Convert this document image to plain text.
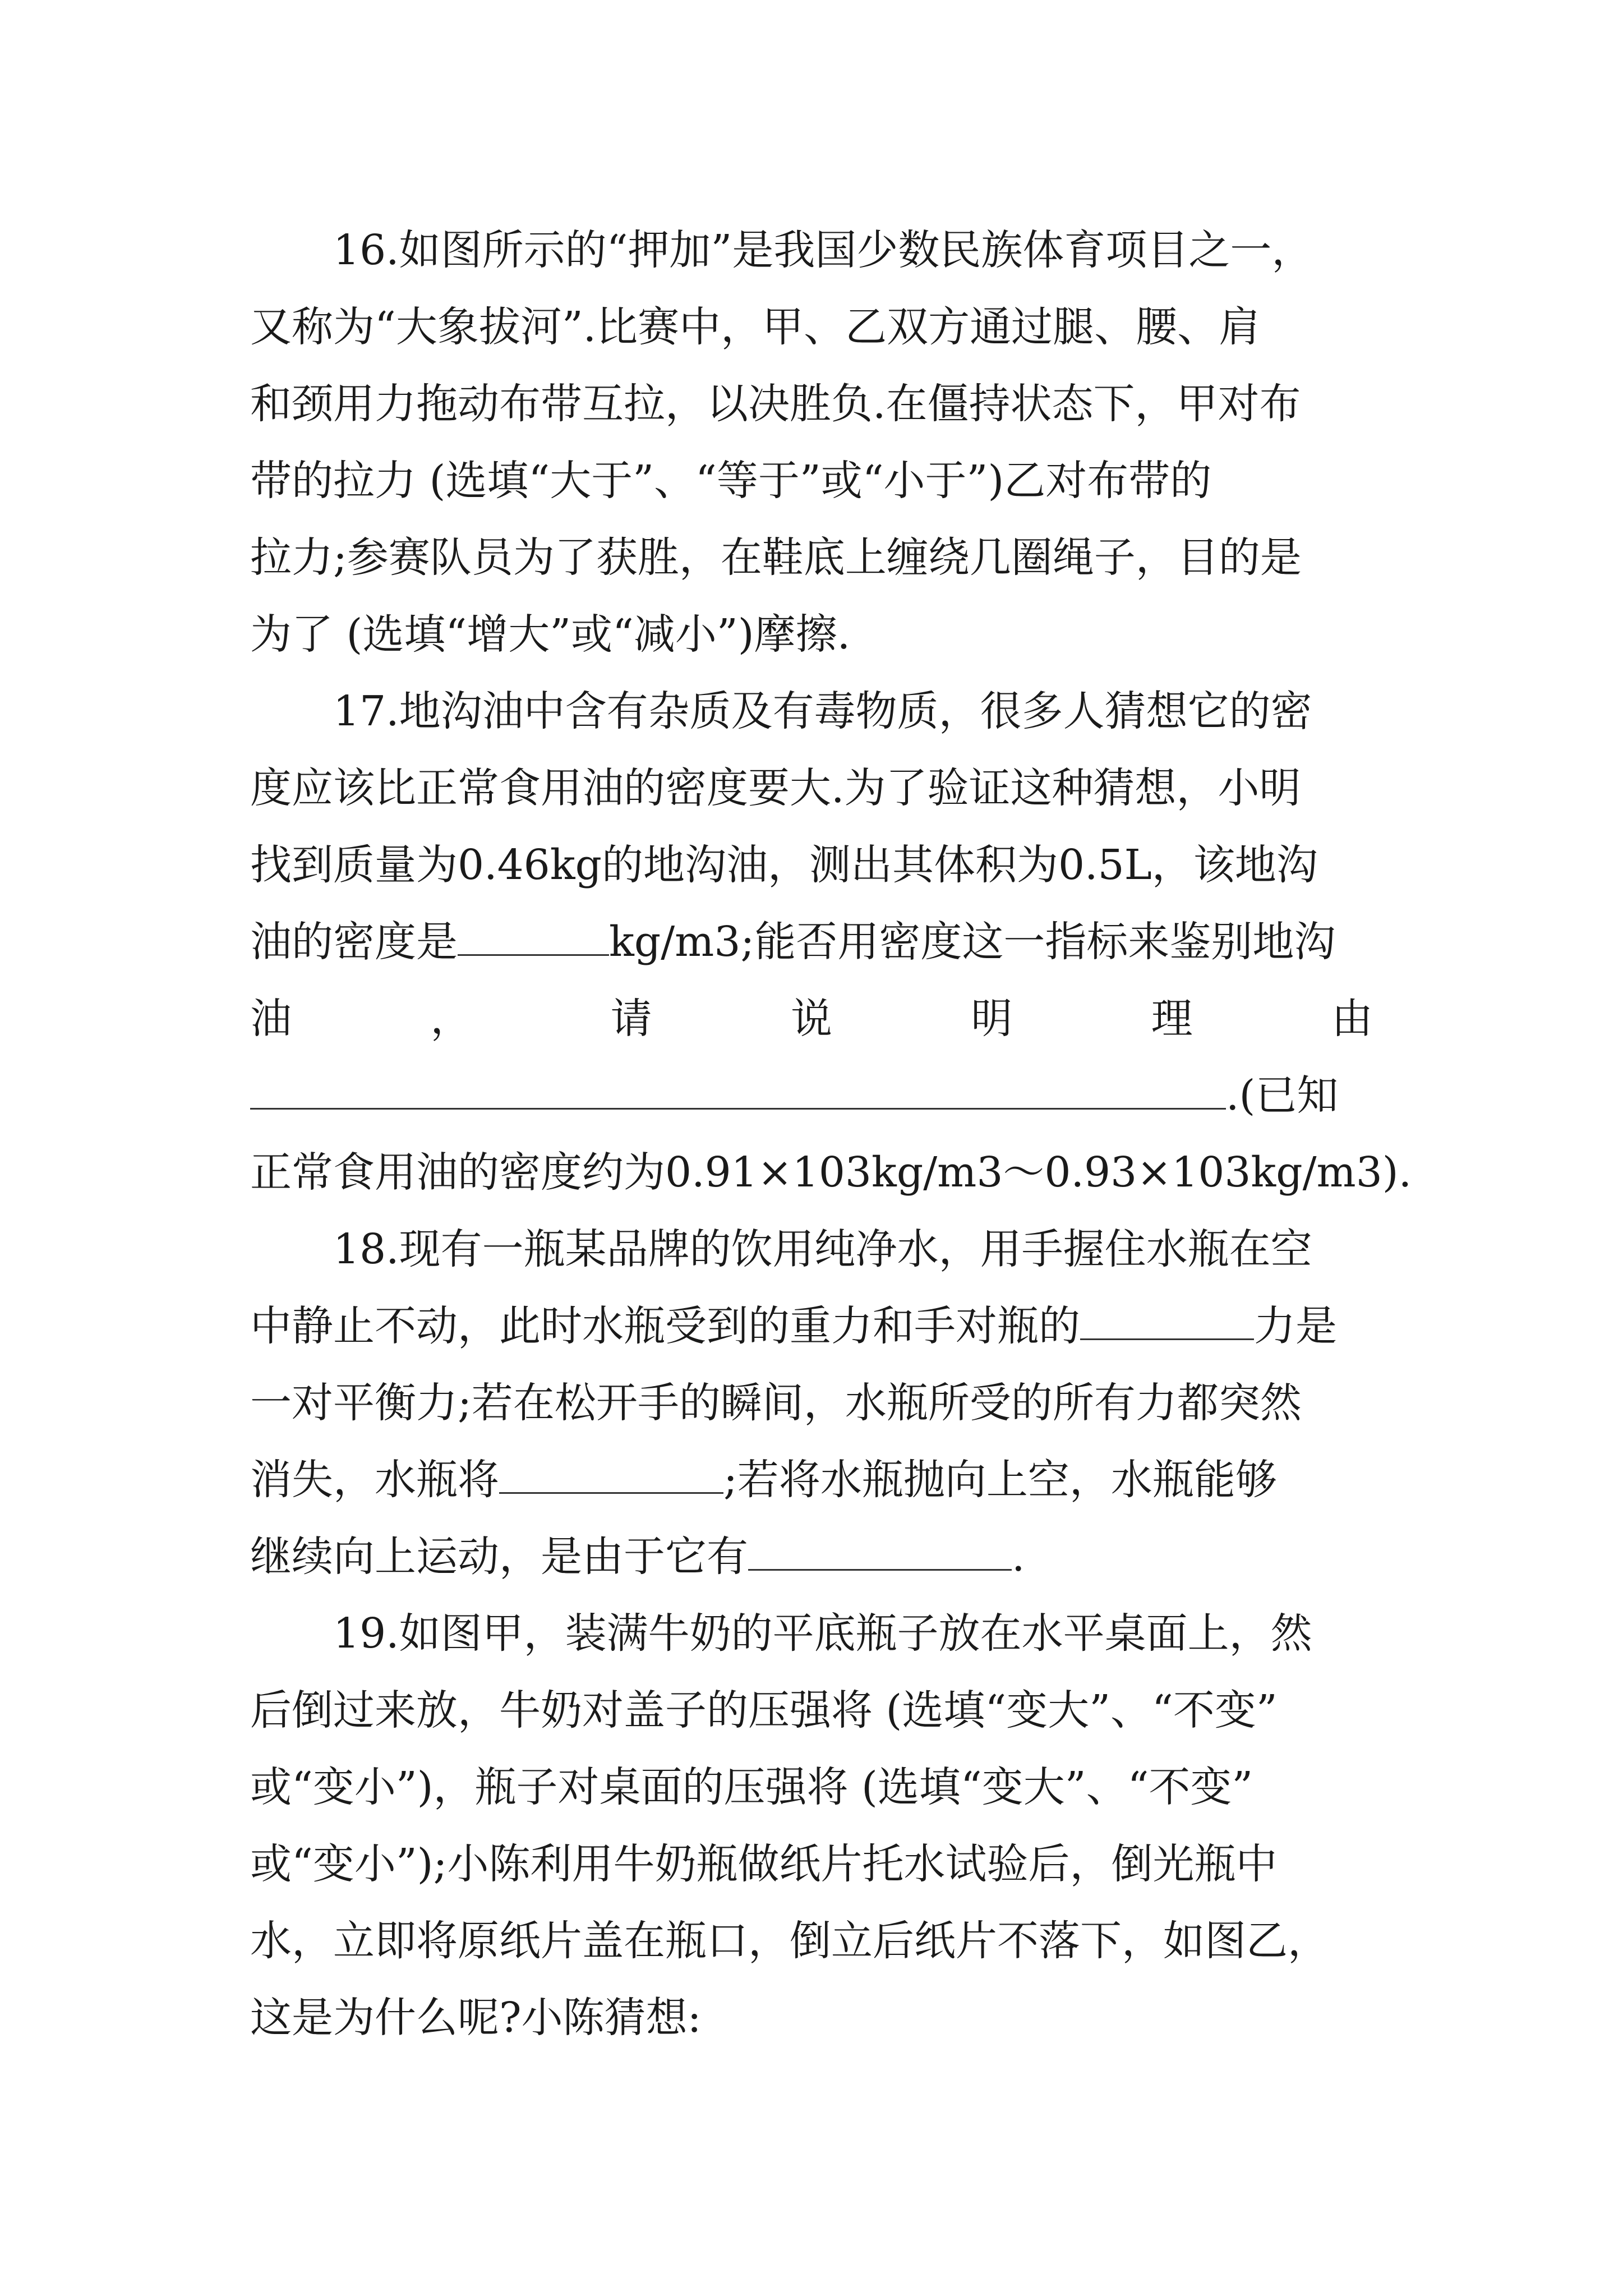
16.如图所示的“押加”是我国少数民族体育项目之一，
又称为“大象拔河”.比赛中，甲、乙双方通过腿、腰、肩
和颈用力拖动布带互拉，以决胜负.在僵持状态下，甲对布
带的拉力 (选填“大于”、“等于”或“小于”)乙对布带的
拉力;参赛队员为了获胜，在鞋底上缠绕几圈绳子，目的是
为了 (选填“增大”或“减小”)摩擦.
17.地沟油中含有杂质及有毒物质，很多人猜想它的密
度应该比正常食用油的密度要大.为了验证这种猜想，小明
找到质量为0.46kg的地沟油，测出其体积为0.5L，该地沟
油的密度是	kg/m3;能否用密度这一指标来鉴别地沟
油	，	请	说	明	理	由
.(已知
正常食用油的密度约为0.91×103kg/m3～0.93×103kg/m3).
18.现有一瓶某品牌的饮用纯净水，用手握住水瓶在空
中静止不动，此时水瓶受到的重力和手对瓶的	力是
一对平衡力;若在松开手的瞬间，水瓶所受的所有力都突然
消失，水瓶将	;若将水瓶抛向上空，水瓶能够
继续向上运动，是由于它有	.
19.如图甲，装满牛奶的平底瓶子放在水平桌面上，然
后倒过来放，牛奶对盖子的压强将 (选填“变大”、“不变”
或“变小”)，瓶子对桌面的压强将 (选填“变大”、“不变”
或“变小”);小陈利用牛奶瓶做纸片托水试验后，倒光瓶中
水，立即将原纸片盖在瓶口，倒立后纸片不落下，如图乙，
这是为什么呢?小陈猜想:
